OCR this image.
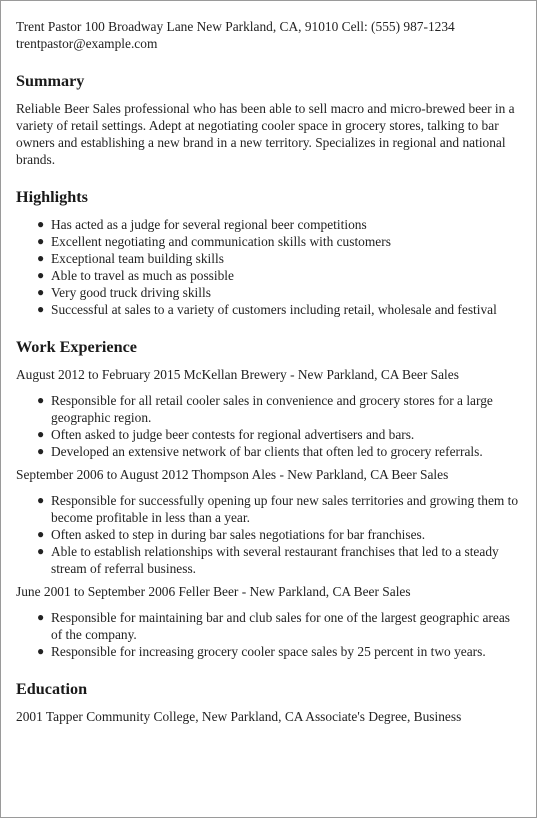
Trent Pastor 100 Broadway Lane New Parkland, CA, 91010 Cell: (555) 987-1234

trentpastor@example.com

Summary

Reliable Beer Sales professional who has been able to sell macro and micro-brewed beer in a variety of retail settings. Adept at negotiating cooler space in grocery stores, talking to bar owners and establishing a new brand in a new territory. Specializes in regional and national brands.

Highlights
● Has acted as a judge for several regional beer competitions
● Excellent negotiating and communication skills with customers
● Exceptional team building skills
● Able to travel as much as possible
● Very good truck driving skills
● Successful at sales to a variety of customers including retail, wholesale and festival
Work Experience

August 2012 to February 2015 McKellan Brewery - New Parkland, CA Beer Sales

● Responsible for all retail cooler sales in convenience and grocery stores for a large geographic region.
● Often asked to judge beer contests for regional advertisers and bars.
● Developed an extensive network of bar clients that often led to grocery referrals.

September 2006 to August 2012 Thompson Ales - New Parkland, CA Beer Sales

● Responsible for successfully opening up four new sales territories and growing them to become profitable in less than a year.
● Often asked to step in during bar sales negotiations for bar franchises.
● Able to establish relationships with several restaurant franchises that led to a steady stream of referral business.

June 2001 to September 2006 Feller Beer - New Parkland, CA Beer Sales

● Responsible for maintaining bar and club sales for one of the largest geographic areas of the company.
● Responsible for increasing grocery cooler space sales by 25 percent in two years.
Education

2001 Tapper Community College, New Parkland, CA Associate's Degree, Business
